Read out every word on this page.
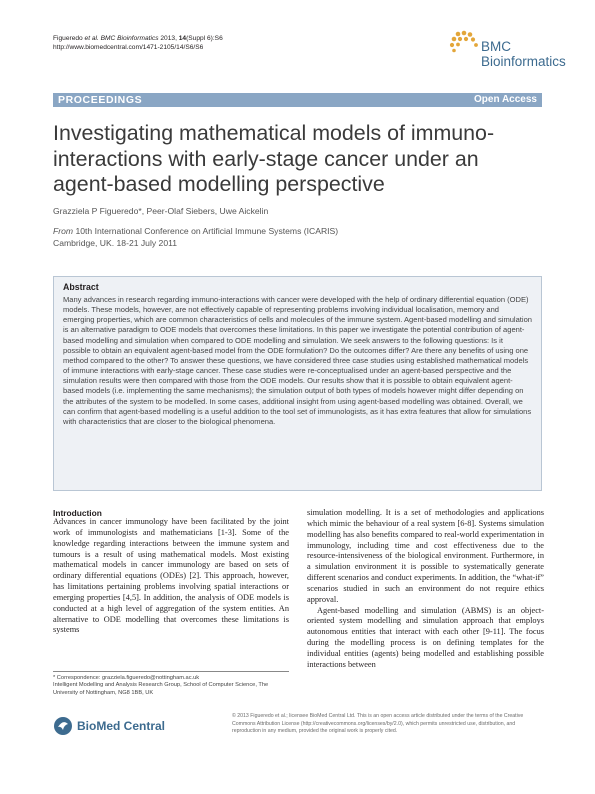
Figueredo et al. BMC Bioinformatics 2013, 14(Suppl 6):S6
http://www.biomedcentral.com/1471-2105/14/S6/S6	BMC
Bioinformatics
PROCEEDINGS	Open Access
Investigating mathematical models of immuno-interactions with early-stage cancer under an agent-based modelling perspective
Grazziela P Figueredo*, Peer-Olaf Siebers, Uwe Aickelin
From 10th International Conference on Artificial Immune Systems (ICARIS)
Cambridge, UK. 18-21 July 2011
Abstract
Many advances in research regarding immuno-interactions with cancer were developed with the help of ordinary differential equation (ODE) models. These models, however, are not effectively capable of representing problems involving individual localisation, memory and emerging properties, which are common characteristics of cells and molecules of the immune system. Agent-based modelling and simulation is an alternative paradigm to ODE models that overcomes these limitations. In this paper we investigate the potential contribution of agent-based modelling and simulation when compared to ODE modelling and simulation. We seek answers to the following questions: Is it possible to obtain an equivalent agent-based model from the ODE formulation? Do the outcomes differ? Are there any benefits of using one method compared to the other? To answer these questions, we have considered three case studies using established mathematical models of immune interactions with early-stage cancer. These case studies were re-conceptualised under an agent-based perspective and the simulation results were then compared with those from the ODE models. Our results show that it is possible to obtain equivalent agent-based models (i.e. implementing the same mechanisms); the simulation output of both types of models however might differ depending on the attributes of the system to be modelled. In some cases, additional insight from using agent-based modelling was obtained. Overall, we can confirm that agent-based modelling is a useful addition to the tool set of immunologists, as it has extra features that allow for simulations with characteristics that are closer to the biological phenomena.
Introduction
Advances in cancer immunology have been facilitated by the joint work of immunologists and mathematicians [1-3]. Some of the knowledge regarding interactions between the immune system and tumours is a result of using mathematical models. Most existing mathematical models in cancer immunology are based on sets of ordinary differential equations (ODEs) [2]. This approach, however, has limitations pertaining problems involving spatial interactions or emerging properties [4,5]. In addition, the analysis of ODE models is conducted at a high level of aggregation of the system entities. An alternative to ODE modelling that overcomes these limitations is systems

simulation modelling. It is a set of methodologies and applications which mimic the behaviour of a real system [6-8]. Systems simulation modelling has also benefits compared to real-world experimentation in immunology, including time and cost effectiveness due to the resource-intensiveness of the biological environment. Furthermore, in a simulation environment it is possible to systematically generate different scenarios and conduct experiments. In addition, the “what-if” scenarios studied in such an environment do not require ethics approval.

Agent-based modelling and simulation (ABMS) is an object-oriented system modelling and simulation approach that employs autonomous entities that interact with each other [9-11]. The focus during the modelling process is on defining templates for the individual entities (agents) being modelled and establishing possible interactions between

* Correspondence: grazziela.figueredo@nottingham.ac.uk
Intelligent Modelling and Analysis Research Group, School of Computer Science, The University of Nottingham, NG8 1BB, UK
BioMed Central
© 2013 Figueredo et al.; licensee BioMed Central Ltd. This is an open access article distributed under the terms of the Creative Commons Attribution License (http://creativecommons.org/licenses/by/2.0), which permits unrestricted use, distribution, and reproduction in any medium, provided the original work is properly cited.
